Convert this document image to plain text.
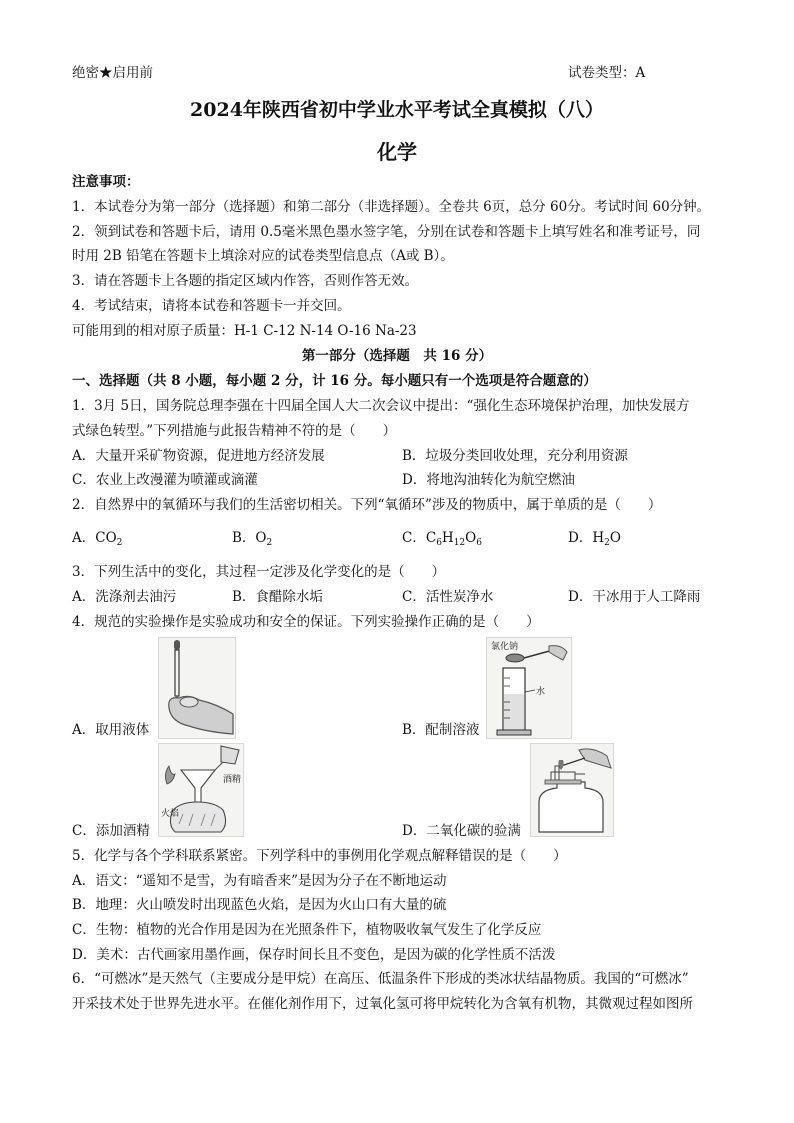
绝密★启用前	试卷类型：A
2024年陕西省初中学业水平考试全真模拟（八）
化学
注意事项：
1．本试卷分为第一部分（选择题）和第二部分（非选择题）。全卷共 6页，总分 60分。考试时间 60分钟。
2．领到试卷和答题卡后，请用 0.5毫米黑色墨水签字笔，分别在试卷和答题卡上填写姓名和准考证号，同
时用 2B 铅笔在答题卡上填涂对应的试卷类型信息点（A或 B）。
3．请在答题卡上各题的指定区域内作答，否则作答无效。
4．考试结束，请将本试卷和答题卡一并交回。
可能用到的相对原子质量：H-1 C-12 N-14 O-16 Na-23
第一部分（选择题　共 16 分）
一、选择题（共 8 小题，每小题 2 分，计 16 分。每小题只有一个选项是符合题意的）
1．3月 5日，国务院总理李强在十四届全国人大二次会议中提出：“强化生态环境保护治理，加快发展方
式绿色转型。”下列措施与此报告精神不符的是（　　）
A．大量开采矿物资源，促进地方经济发展	B．垃圾分类回收处理，充分利用资源
C．农业上改漫灌为喷灌或滴灌	D．将地沟油转化为航空燃油
2．自然界中的氧循环与我们的生活密切相关。下列“氧循环”涉及的物质中，属于单质的是（　　）
A．$CO_2$	B．$O_2$	C．$C_6H_{12}O_6$	D．$H_2O$
3．下列生活中的变化，其过程一定涉及化学变化的是（　　）
A．洗涤剂去油污	B．食醋除水垢	C．活性炭净水	D．干冰用于人工降雨
4．规范的实验操作是实验成功和安全的保证。下列实验操作正确的是（　　）
A．取用液体
氯化钠
水
B．配制溶液
酒精
火焰
C．添加酒精	D．二氧化碳的验满
5．化学与各个学科联系紧密。下列学科中的事例用化学观点解释错误的是（　　）
A．语文：“遥知不是雪，为有暗香来”是因为分子在不断地运动
B．地理：火山喷发时出现蓝色火焰，是因为火山口有大量的硫
C．生物：植物的光合作用是因为在光照条件下，植物吸收氧气发生了化学反应
D．美术：古代画家用墨作画，保存时间长且不变色，是因为碳的化学性质不活泼
6．“可燃冰”是天然气（主要成分是甲烷）在高压、低温条件下形成的类冰状结晶物质。我国的“可燃冰”
开采技术处于世界先进水平。在催化剂作用下，过氧化氢可将甲烷转化为含氧有机物，其微观过程如图所
